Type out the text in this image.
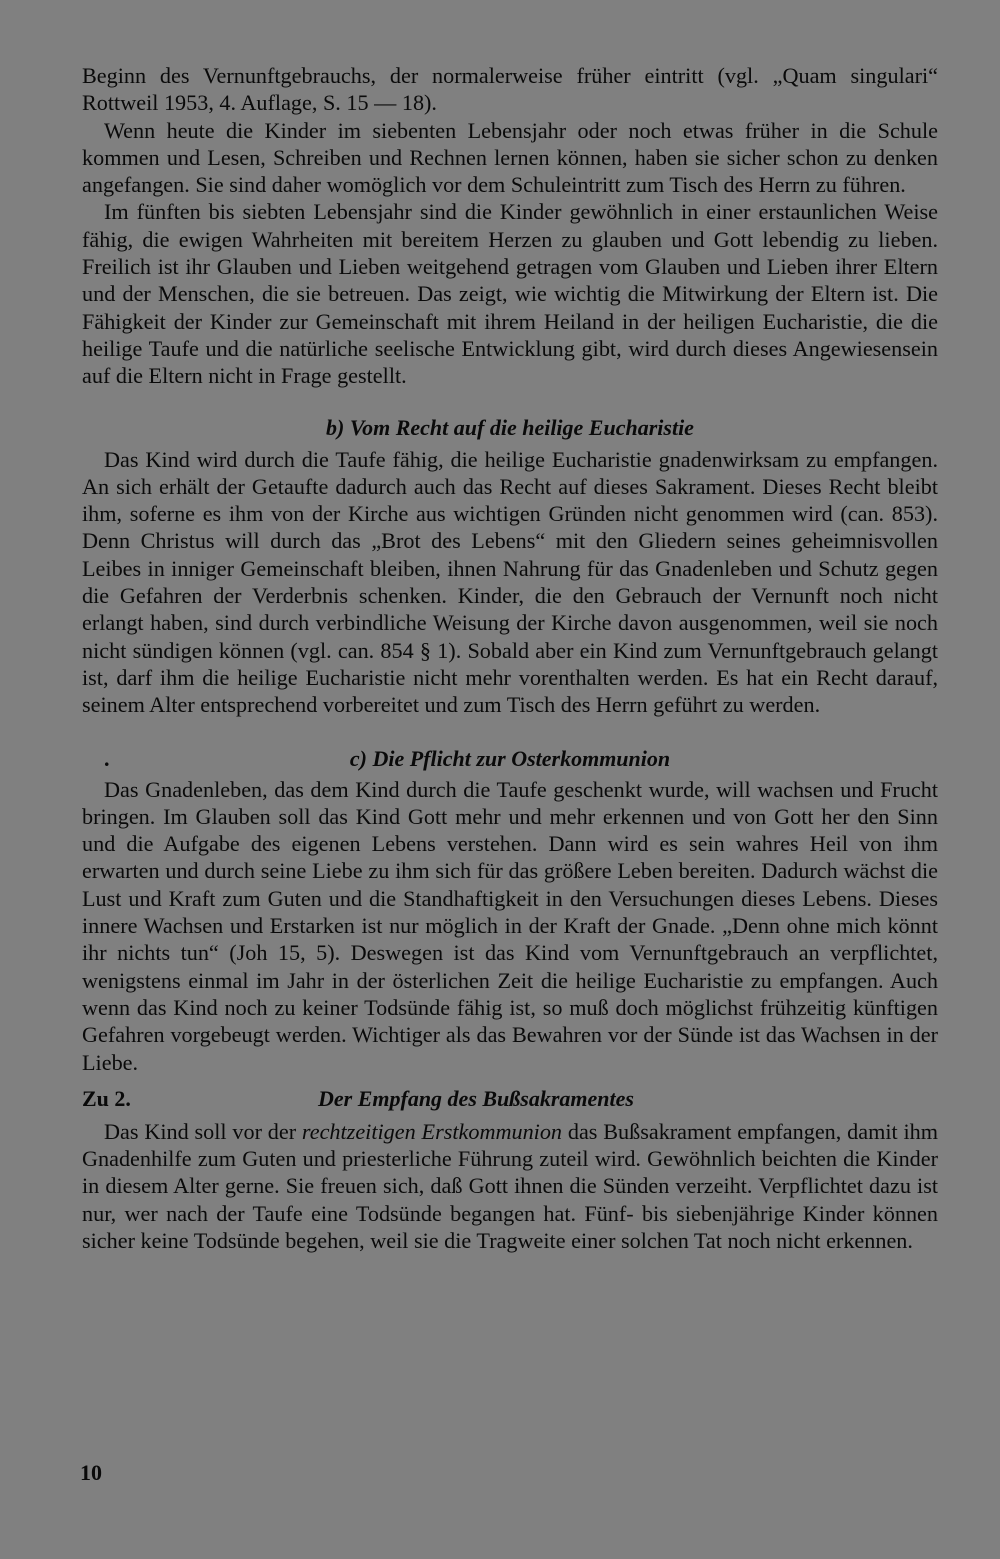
Beginn des Vernunftgebrauchs, der normalerweise früher eintritt (vgl. „Quam singulari“ Rottweil 1953, 4. Auflage, S. 15 — 18).

Wenn heute die Kinder im siebenten Lebensjahr oder noch etwas früher in die Schule kommen und Lesen, Schreiben und Rechnen lernen können, haben sie sicher schon zu denken angefangen. Sie sind daher womöglich vor dem Schuleintritt zum Tisch des Herrn zu führen.

Im fünften bis siebten Lebensjahr sind die Kinder gewöhnlich in einer erstaunlichen Weise fähig, die ewigen Wahrheiten mit bereitem Herzen zu glauben und Gott lebendig zu lieben. Freilich ist ihr Glauben und Lieben weitgehend getragen vom Glauben und Lieben ihrer Eltern und der Menschen, die sie betreuen. Das zeigt, wie wichtig die Mitwirkung der Eltern ist. Die Fähigkeit der Kinder zur Gemeinschaft mit ihrem Heiland in der heiligen Eucharistie, die die heilige Taufe und die natürliche seelische Entwicklung gibt, wird durch dieses Angewiesensein auf die Eltern nicht in Frage gestellt.

b) Vom Recht auf die heilige Eucharistie

Das Kind wird durch die Taufe fähig, die heilige Eucharistie gnadenwirksam zu empfangen. An sich erhält der Getaufte dadurch auch das Recht auf dieses Sakrament. Dieses Recht bleibt ihm, soferne es ihm von der Kirche aus wichtigen Gründen nicht genommen wird (can. 853). Denn Christus will durch das „Brot des Lebens“ mit den Gliedern seines geheimnisvollen Leibes in inniger Gemeinschaft bleiben, ihnen Nahrung für das Gnadenleben und Schutz gegen die Gefahren der Verderbnis schenken. Kinder, die den Gebrauch der Vernunft noch nicht erlangt haben, sind durch verbindliche Weisung der Kirche davon ausgenommen, weil sie noch nicht sündigen können (vgl. can. 854 § 1). Sobald aber ein Kind zum Vernunftgebrauch gelangt ist, darf ihm die heilige Eucharistie nicht mehr vorenthalten werden. Es hat ein Recht darauf, seinem Alter entsprechend vorbereitet und zum Tisch des Herrn geführt zu werden.

.	c) Die Pflicht zur Osterkommunion

Das Gnadenleben, das dem Kind durch die Taufe geschenkt wurde, will wachsen und Frucht bringen. Im Glauben soll das Kind Gott mehr und mehr erkennen und von Gott her den Sinn und die Aufgabe des eigenen Lebens verstehen. Dann wird es sein wahres Heil von ihm erwarten und durch seine Liebe zu ihm sich für das größere Leben bereiten. Dadurch wächst die Lust und Kraft zum Guten und die Standhaftigkeit in den Versuchungen dieses Lebens. Dieses innere Wachsen und Erstarken ist nur möglich in der Kraft der Gnade. „Denn ohne mich könnt ihr nichts tun“ (Joh 15, 5). Deswegen ist das Kind vom Vernunftgebrauch an verpflichtet, wenigstens einmal im Jahr in der österlichen Zeit die heilige Eucharistie zu empfangen. Auch wenn das Kind noch zu keiner Todsünde fähig ist, so muß doch möglichst frühzeitig künftigen Gefahren vorgebeugt werden. Wichtiger als das Bewahren vor der Sünde ist das Wachsen in der Liebe.

Zu 2.	Der Empfang des Bußsakramentes

Das Kind soll vor der rechtzeitigen Erstkommunion das Bußsakrament empfangen, damit ihm Gnadenhilfe zum Guten und priesterliche Führung zuteil wird. Gewöhnlich beichten die Kinder in diesem Alter gerne. Sie freuen sich, daß Gott ihnen die Sünden verzeiht. Verpflichtet dazu ist nur, wer nach der Taufe eine Todsünde begangen hat. Fünf- bis siebenjährige Kinder können sicher keine Todsünde begehen, weil sie die Tragweite einer solchen Tat noch nicht erkennen.

10
